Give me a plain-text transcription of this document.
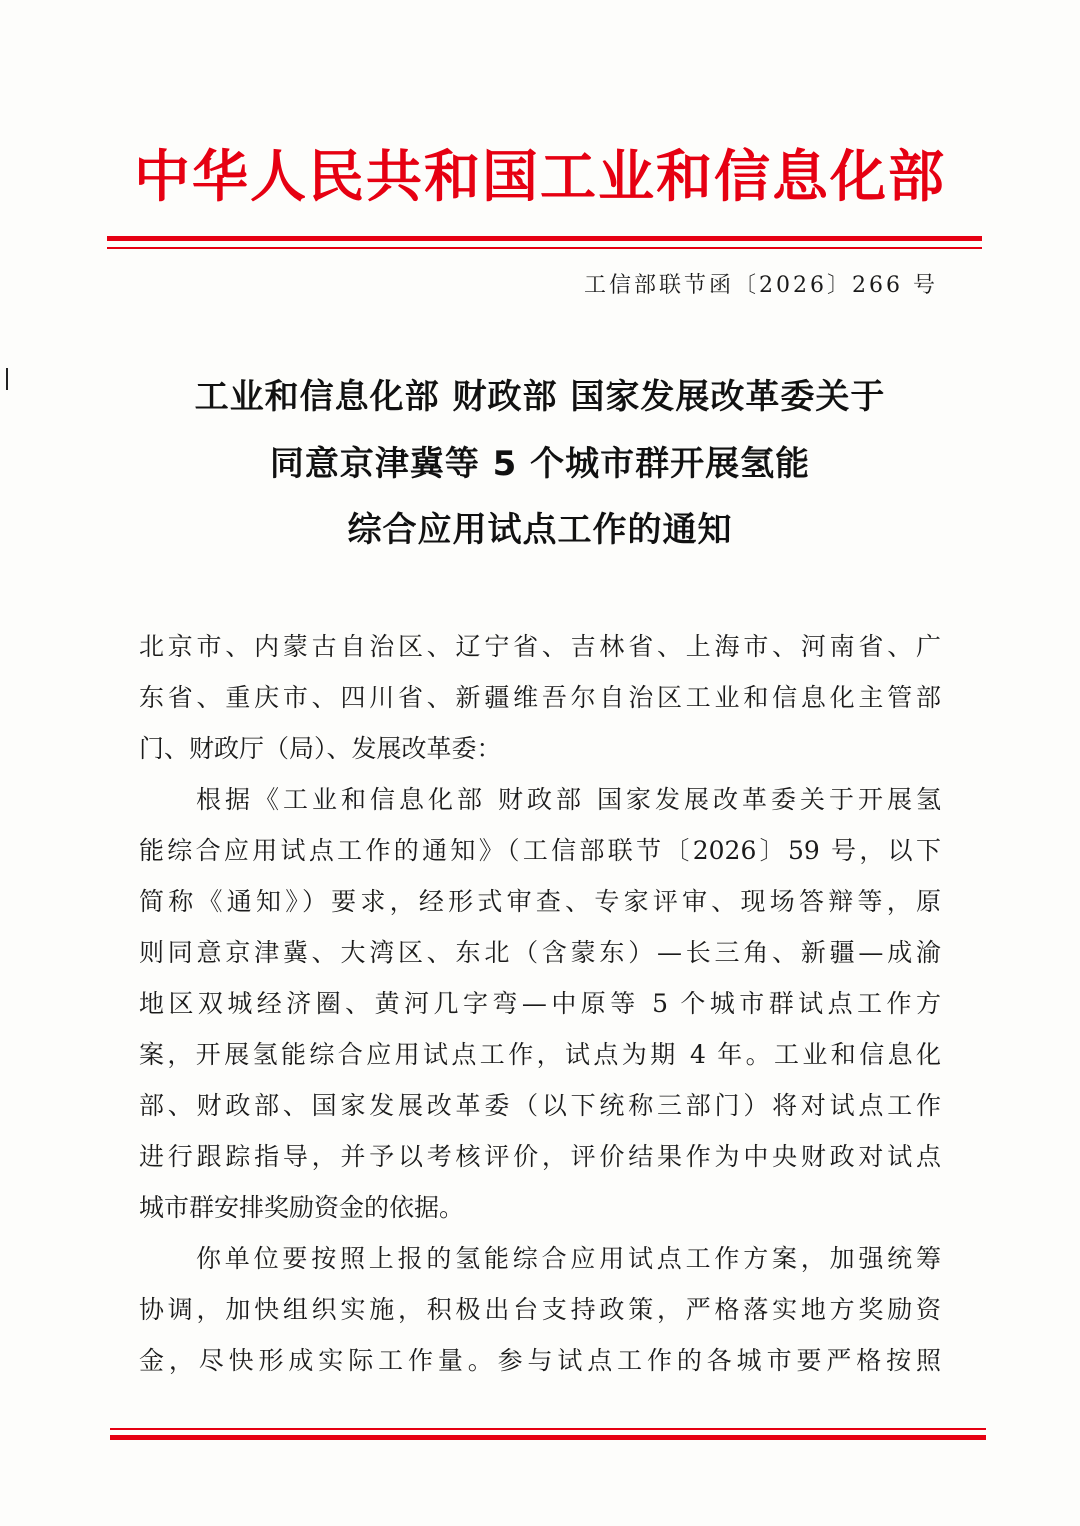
中华人民共和国工业和信息化部
工信部联节函〔2026〕266 号
工业和信息化部 财政部 国家发展改革委关于
同意京津冀等 5 个城市群开展氢能
综合应用试点工作的通知
北京市、内蒙古自治区、辽宁省、吉林省、上海市、河南省、广
东省、重庆市、四川省、新疆维吾尔自治区工业和信息化主管部
门、财政厅（局）、发展改革委：
根据《工业和信息化部 财政部 国家发展改革委关于开展氢
能综合应用试点工作的通知》（工信部联节〔2026〕59 号，以下
简称《通知》）要求，经形式审查、专家评审、现场答辩等，原
则同意京津冀、大湾区、东北（含蒙东）—长三角、新疆—成渝
地区双城经济圈、黄河几字弯—中原等 5 个城市群试点工作方
案，开展氢能综合应用试点工作，试点为期 4 年。工业和信息化
部、财政部、国家发展改革委（以下统称三部门）将对试点工作
进行跟踪指导，并予以考核评价，评价结果作为中央财政对试点
城市群安排奖励资金的依据。
你单位要按照上报的氢能综合应用试点工作方案，加强统筹
协调，加快组织实施，积极出台支持政策，严格落实地方奖励资
金，尽快形成实际工作量。参与试点工作的各城市要严格按照
